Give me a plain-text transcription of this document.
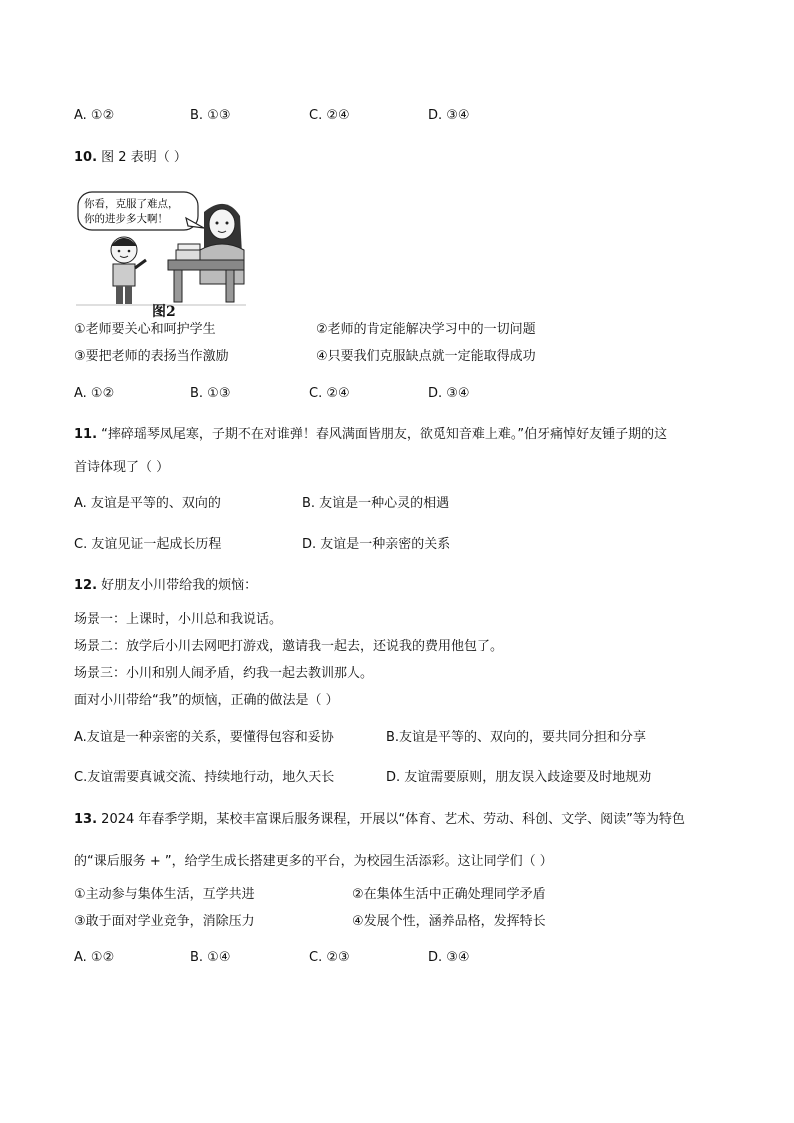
A. ①②	B. ①③	C. ②④	D. ③④
10. 图 2 表明（ ）
你看，克服了难点，
你的进步多大啊！
图2
①老师要关心和呵护学生	②老师的肯定能解决学习中的一切问题
③要把老师的表扬当作激励	④只要我们克服缺点就一定能取得成功
A. ①②	B. ①③	C. ②④	D. ③④
11. “摔碎瑶琴凤尾寒，子期不在对谁弹！春风满面皆朋友，欲觅知音难上难。”伯牙痛悼好友锺子期的这
首诗体现了（ ）
A. 友谊是平等的、双向的	B. 友谊是一种心灵的相遇
C. 友谊见证一起成长历程	D. 友谊是一种亲密的关系
12. 好朋友小川带给我的烦恼：
场景一：上课时，小川总和我说话。
场景二：放学后小川去网吧打游戏，邀请我一起去，还说我的费用他包了。
场景三：小川和别人闹矛盾，约我一起去教训那人。
面对小川带给“我”的烦恼，正确的做法是（ ）
A.友谊是一种亲密的关系，要懂得包容和妥协	B.友谊是平等的、双向的，要共同分担和分享
C.友谊需要真诚交流、持续地行动，地久天长	D. 友谊需要原则，朋友误入歧途要及时地规劝
13. 2024 年春季学期，某校丰富课后服务课程，开展以“体育、艺术、劳动、科创、文学、阅读”等为特色
的“课后服务 + ”，给学生成长搭建更多的平台，为校园生活添彩。这让同学们（ ）
①主动参与集体生活，互学共进	②在集体生活中正确处理同学矛盾
③敢于面对学业竞争，消除压力	④发展个性，涵养品格，发挥特长
A. ①②	B. ①④	C. ②③	D. ③④
